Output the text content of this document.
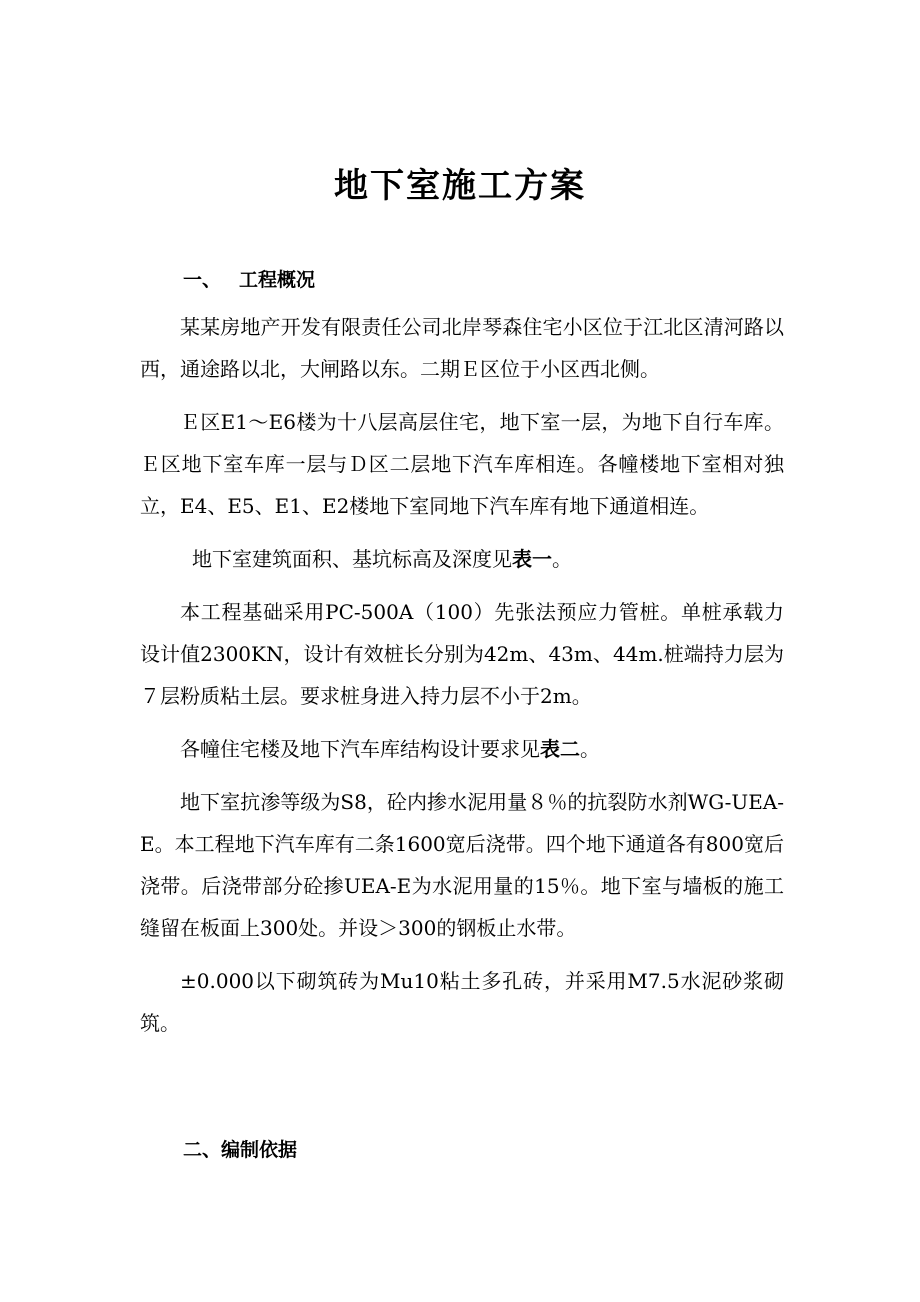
地下室施工方案
一、 工程概况

某某房地产开发有限责任公司北岸琴森住宅小区位于江北区清河路以西，通途路以北，大闸路以东。二期Ｅ区位于小区西北侧。

Ｅ区E1～E6楼为十八层高层住宅，地下室一层，为地下自行车库。Ｅ区地下室车库一层与Ｄ区二层地下汽车库相连。各幢楼地下室相对独立，E4、E5、E1、E2楼地下室同地下汽车库有地下通道相连。

地下室建筑面积、基坑标高及深度见表一。

本工程基础采用PC-500A（100）先张法预应力管桩。单桩承载力设计值2300KN，设计有效桩长分别为42m、43m、44m.桩端持力层为７层粉质粘土层。要求桩身进入持力层不小于2m。

各幢住宅楼及地下汽车库结构设计要求见表二。

地下室抗渗等级为S8，砼内掺水泥用量８％的抗裂防水剂WG-UEA-E。本工程地下汽车库有二条1600宽后浇带。四个地下通道各有800宽后浇带。后浇带部分砼掺UEA-E为水泥用量的15％。地下室与墙板的施工缝留在板面上300处。并设＞300的钢板止水带。

±0.000以下砌筑砖为Mu10粘土多孔砖，并采用M7.5水泥砂浆砌筑。

二、编制依据
